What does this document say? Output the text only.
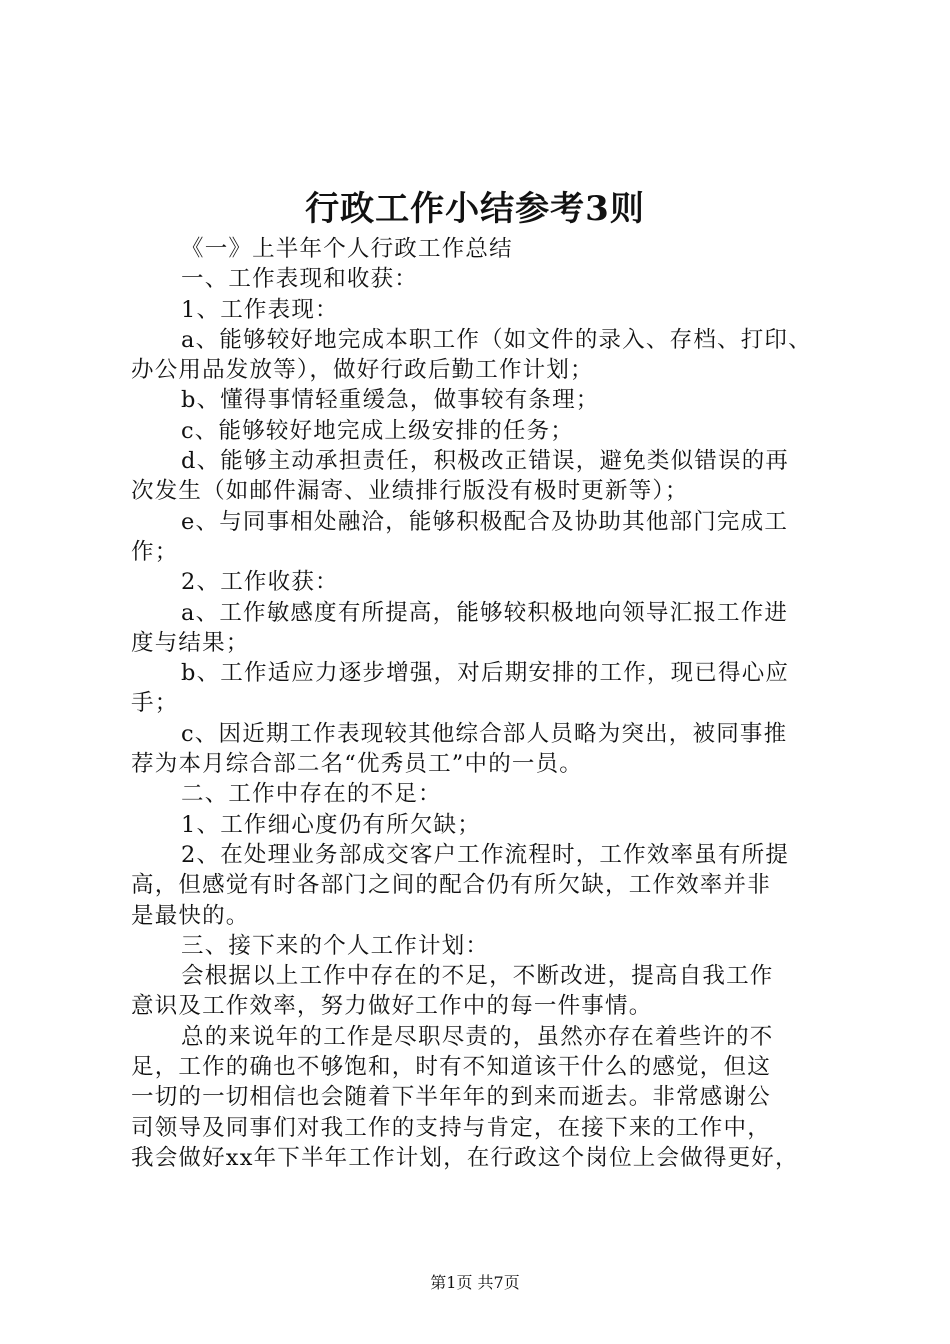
行政工作小结参考3则

《一》上半年个人行政工作总结

一、工作表现和收获：

1、工作表现：

a、能够较好地完成本职工作（如文件的录入、存档、打印、

办公用品发放等），做好行政后勤工作计划；

b、懂得事情轻重缓急，做事较有条理；

c、能够较好地完成上级安排的任务；

d、能够主动承担责任，积极改正错误，避免类似错误的再

次发生（如邮件漏寄、业绩排行版没有极时更新等）；

e、与同事相处融洽，能够积极配合及协助其他部门完成工

作；

2、工作收获：

a、工作敏感度有所提高，能够较积极地向领导汇报工作进

度与结果；

b、工作适应力逐步增强，对后期安排的工作，现已得心应

手；

c、因近期工作表现较其他综合部人员略为突出，被同事推

荐为本月综合部二名“优秀员工”中的一员。

二、工作中存在的不足：

1、工作细心度仍有所欠缺；

2、在处理业务部成交客户工作流程时，工作效率虽有所提

高，但感觉有时各部门之间的配合仍有所欠缺，工作效率并非

是最快的。

三、接下来的个人工作计划：

会根据以上工作中存在的不足，不断改进，提高自我工作

意识及工作效率，努力做好工作中的每一件事情。

总的来说年的工作是尽职尽责的，虽然亦存在着些许的不

足，工作的确也不够饱和，时有不知道该干什么的感觉，但这

一切的一切相信也会随着下半年年的到来而逝去。非常感谢公

司领导及同事们对我工作的支持与肯定，在接下来的工作中，

我会做好xx年下半年工作计划，在行政这个岗位上会做得更好，

第1页 共7页
